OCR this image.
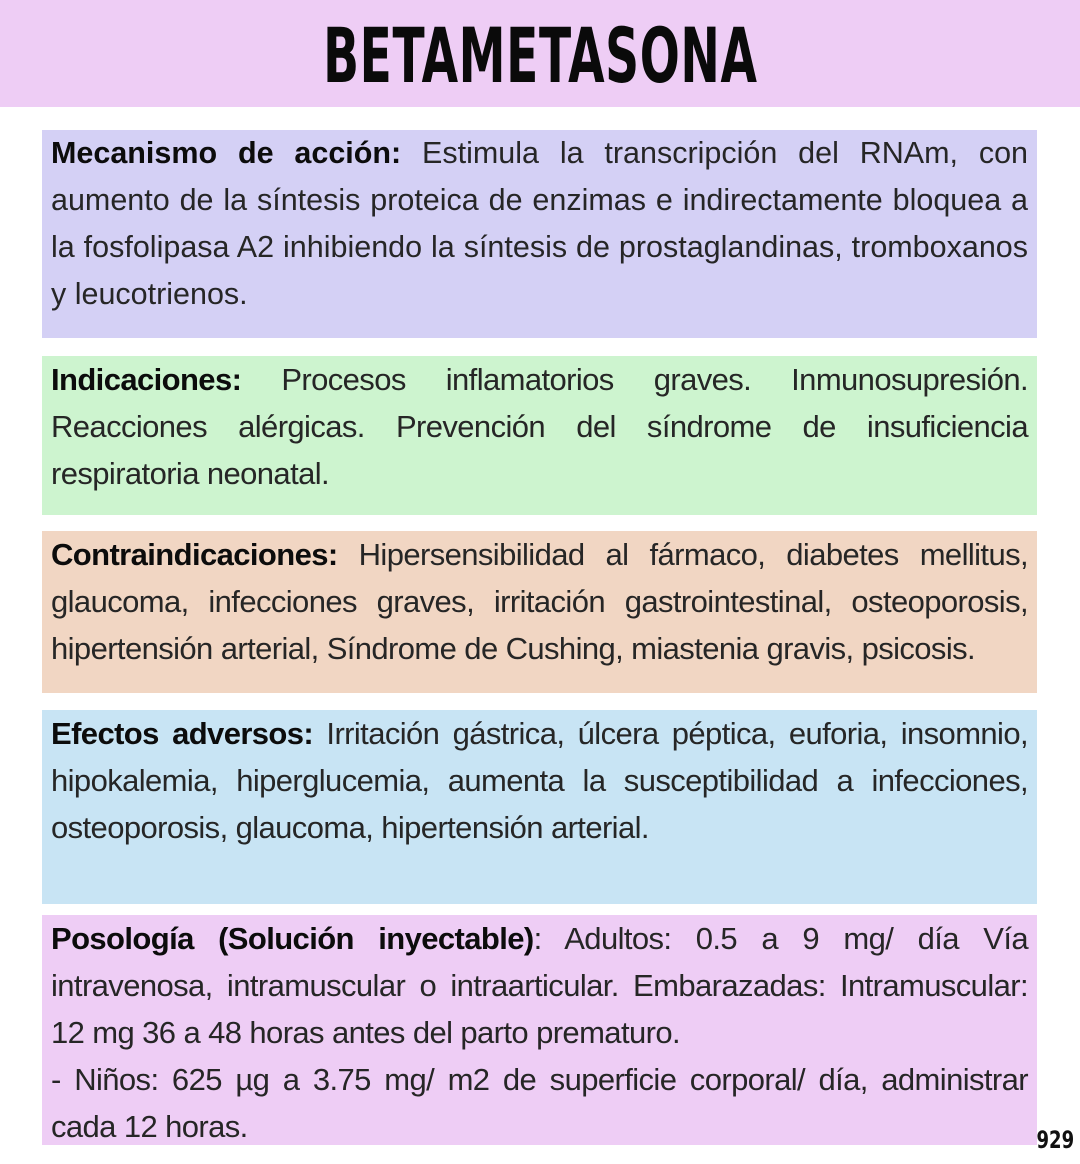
BETAMETASONA

Mecanismo de acción: Estimula la transcripción del RNAm, con aumento de la síntesis proteica de enzimas e indirectamente bloquea a la fosfolipasa A2 inhibiendo la síntesis de prostaglandinas, tromboxanos y leucotrienos.

Indicaciones: Procesos inflamatorios graves. Inmunosupresión. Reacciones alérgicas. Prevención del síndrome de insuficiencia respiratoria neonatal.

Contraindicaciones: Hipersensibilidad al fármaco, diabetes mellitus, glaucoma, infecciones graves, irritación gastrointestinal, osteoporosis, hipertensión arterial, Síndrome de Cushing, miastenia gravis, psicosis.

Efectos adversos: Irritación gástrica, úlcera péptica, euforia, insomnio, hipokalemia, hiperglucemia, aumenta la susceptibilidad a infecciones, osteoporosis, glaucoma, hipertensión arterial.

Posología (Solución inyectable): Adultos: 0.5 a 9 mg/ día Vía intravenosa, intramuscular o intraarticular. Embarazadas: Intramuscular: 12 mg 36 a 48 horas antes del parto prematuro.

- Niños: 625 µg a 3.75 mg/ m2 de superficie corporal/ día, administrar cada 12 horas.	929
